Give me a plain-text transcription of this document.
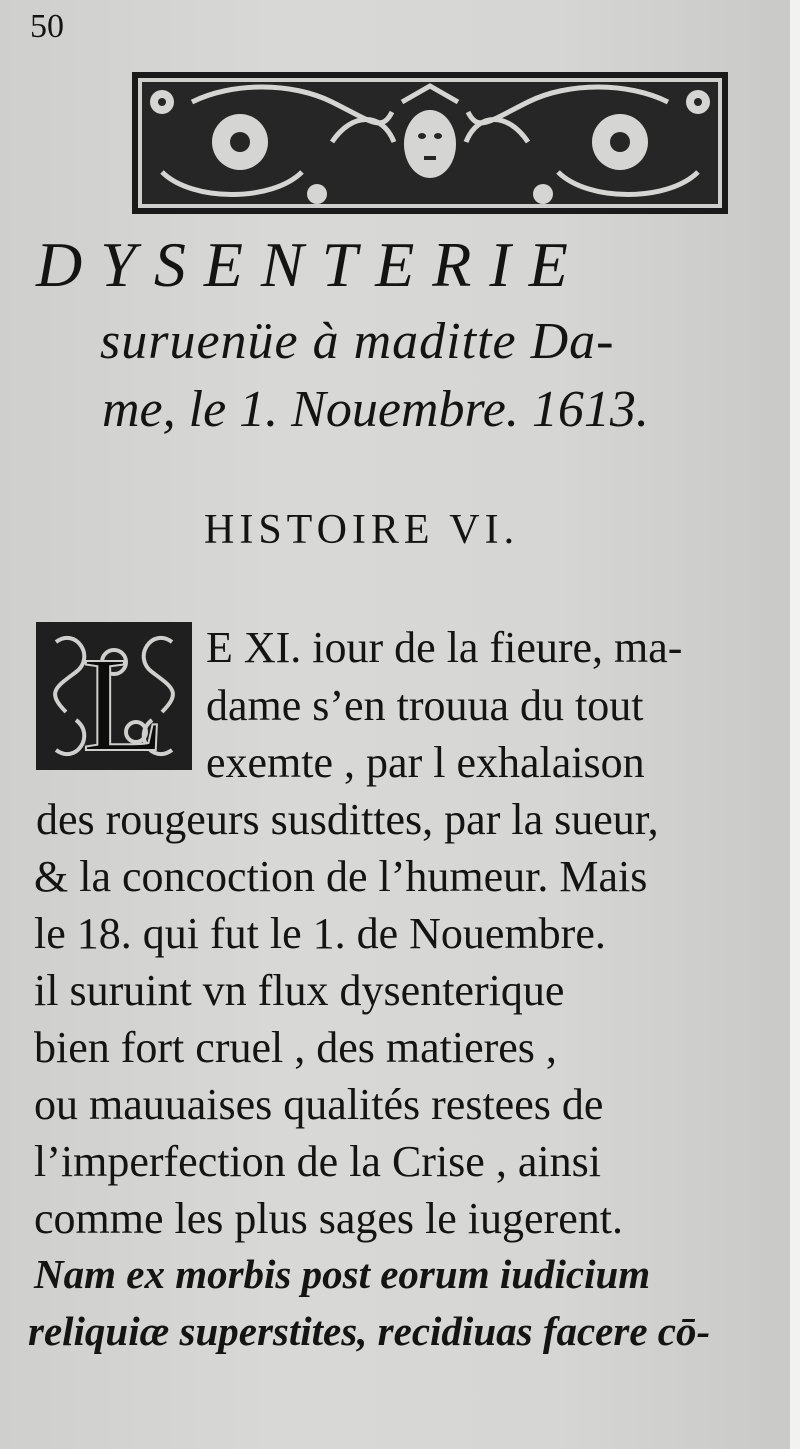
50
DYSENTERIE
suruenüe à maditte Da-
me, le 1. Nouembre. 1613.
HISTOIRE VI.
L E XI. iour de la fieure, ma-
dame s’en trouua du tout
exemte , par l exhalaison
des rougeurs susdittes, par la sueur,
& la concoction de l’humeur. Mais
le 18. qui fut le 1. de Nouembre.
il suruint vn flux dysenterique
bien fort cruel , des matieres ,
ou mauuaises qualités restees de
l’imperfection de la Crise , ainsi
comme les plus sages le iugerent.
Nam ex morbis post eorum iudicium
reliquiæ superstites, recidiuas facere cō-
